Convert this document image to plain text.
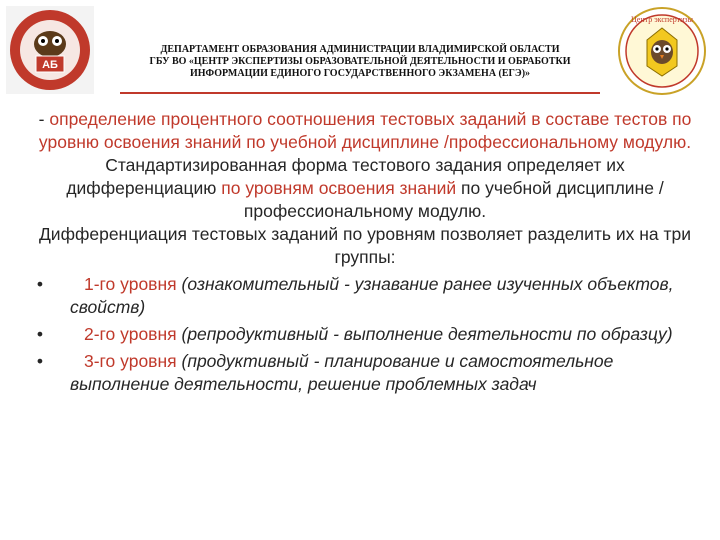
АБ
Центр экспертизы
ДЕПАРТАМЕНТ ОБРАЗОВАНИЯ АДМИНИСТРАЦИИ ВЛАДИМИРСКОЙ ОБЛАСТИ
ГБУ ВО «ЦЕНТР ЭКСПЕРТИЗЫ ОБРАЗОВАТЕЛЬНОЙ ДЕЯТЕЛЬНОСТИ И ОБРАБОТКИ
ИНФОРМАЦИИ ЕДИНОГО ГОСУДАРСТВЕННОГО ЭКЗАМЕНА (ЕГЭ)»
- определение процентного соотношения тестовых заданий в составе тестов по уровню освоения знаний по учебной дисциплине /профессиональному модулю.
Стандартизированная форма тестового задания определяет их дифференциацию по уровням освоения знаний по учебной дисциплине /профессиональному модулю.
Дифференциация тестовых заданий по уровням позволяет разделить их на три группы:
•	1-го уровня (ознакомительный - узнавание ранее изученных объектов, свойств)
•	2-го уровня (репродуктивный - выполнение деятельности по образцу)
•	3-го уровня (продуктивный - планирование и самостоятельное выполнение деятельности, решение проблемных задач
